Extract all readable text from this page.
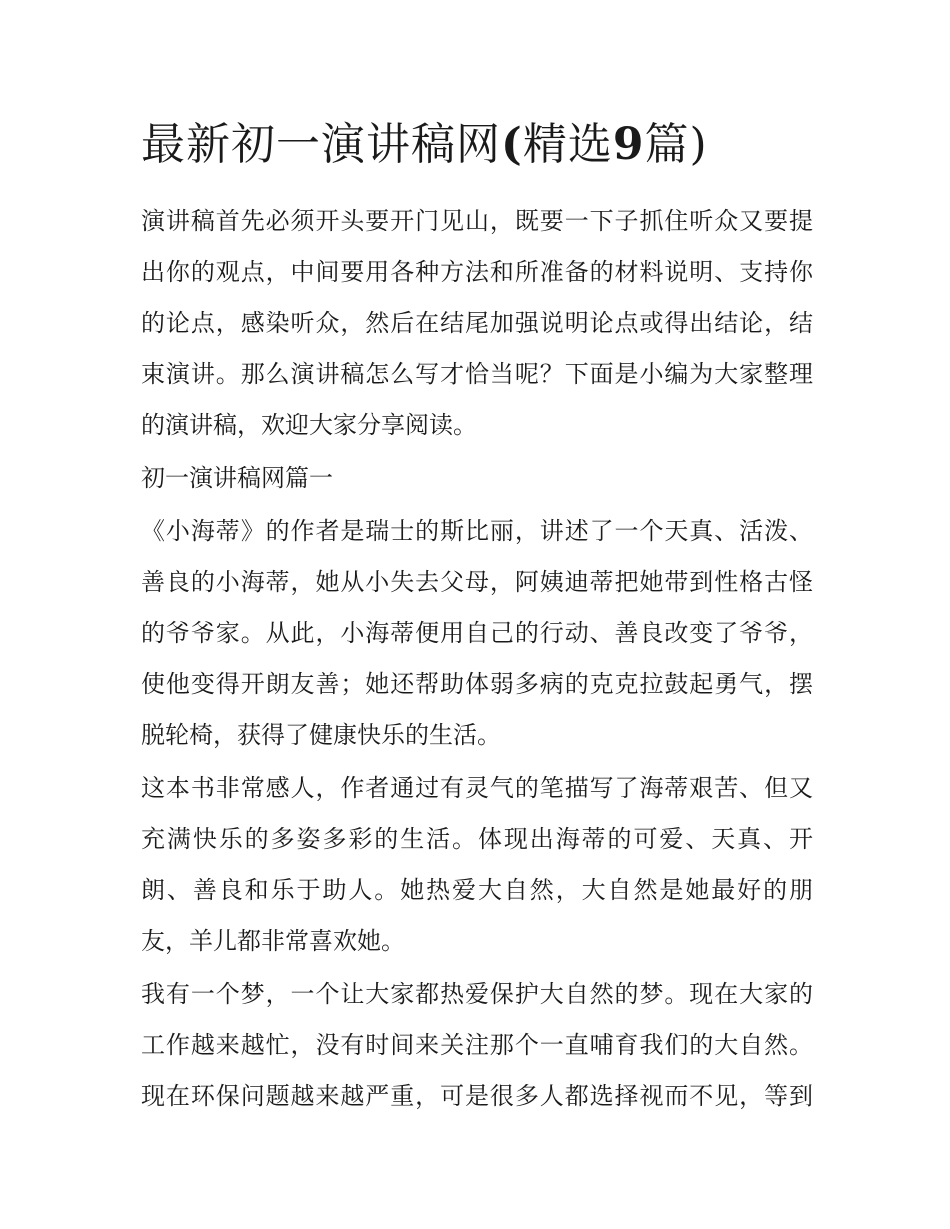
最新初一演讲稿网(精选9篇)

演讲稿首先必须开头要开门见山，既要一下子抓住听众又要提
出你的观点，中间要用各种方法和所准备的材料说明、支持你
的论点，感染听众，然后在结尾加强说明论点或得出结论，结
束演讲。那么演讲稿怎么写才恰当呢？下面是小编为大家整理
的演讲稿，欢迎大家分享阅读。

初一演讲稿网篇一

《小海蒂》的作者是瑞士的斯比丽，讲述了一个天真、活泼、
善良的小海蒂，她从小失去父母，阿姨迪蒂把她带到性格古怪
的爷爷家。从此，小海蒂便用自己的行动、善良改变了爷爷，
使他变得开朗友善；她还帮助体弱多病的克克拉鼓起勇气，摆
脱轮椅，获得了健康快乐的生活。

这本书非常感人，作者通过有灵气的笔描写了海蒂艰苦、但又
充满快乐的多姿多彩的生活。体现出海蒂的可爱、天真、开
朗、善良和乐于助人。她热爱大自然，大自然是她最好的朋
友，羊儿都非常喜欢她。

我有一个梦，一个让大家都热爱保护大自然的梦。现在大家的
工作越来越忙，没有时间来关注那个一直哺育我们的大自然。
现在环保问题越来越严重，可是很多人都选择视而不见，等到
